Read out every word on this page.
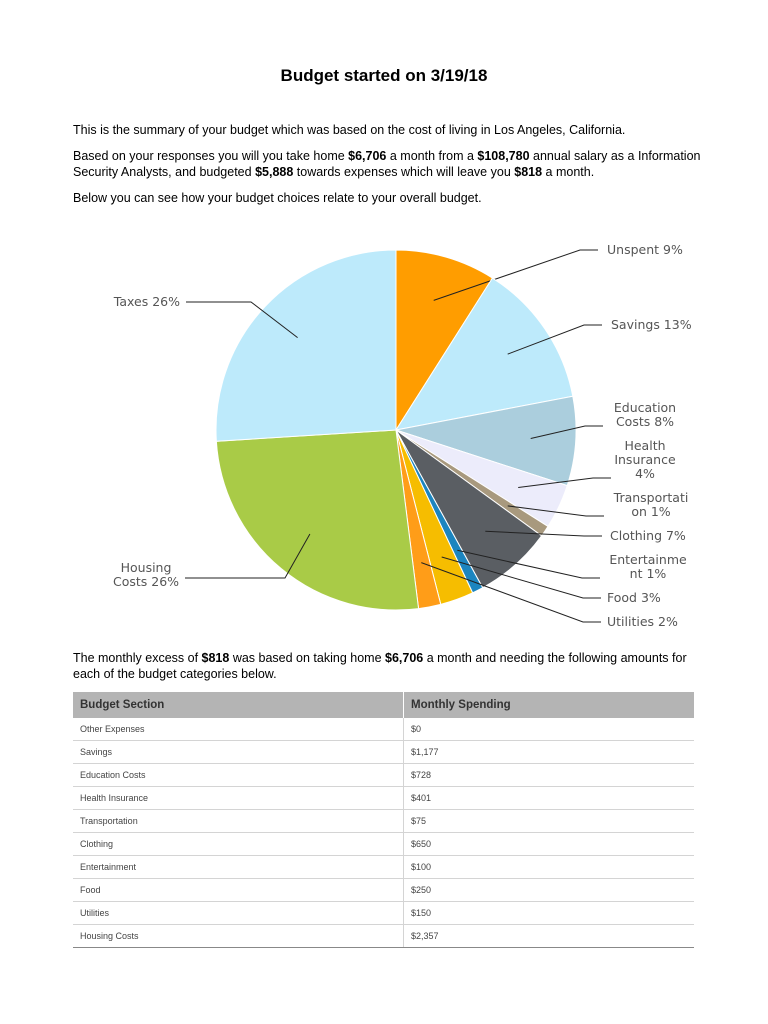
Budget started on 3/19/18

This is the summary of your budget which was based on the cost of living in Los Angeles, California.

Based on your responses you will you take home $6,706 a month from a $108,780 annual salary as a Information Security Analysts, and budgeted $5,888 towards expenses which will leave you $818 a month.

Below you can see how your budget choices relate to your overall budget.

Unspent 9%
Savings 13%
Education Costs 8%
Health Insurance 4%
Transportati on 1%
Clothing 7%
Entertainme nt 1%
Food 3%
Utilities 2%
Housing Costs 26%
Taxes 26%

The monthly excess of $818 was based on taking home $6,706 a month and needing the following amounts for each of the budget categories below.

Budget Section	Monthly Spending
Other Expenses	$0
Savings	$1,177
Education Costs	$728
Health Insurance	$401
Transportation	$75
Clothing	$650
Entertainment	$100
Food	$250
Utilities	$150
Housing Costs	$2,357
